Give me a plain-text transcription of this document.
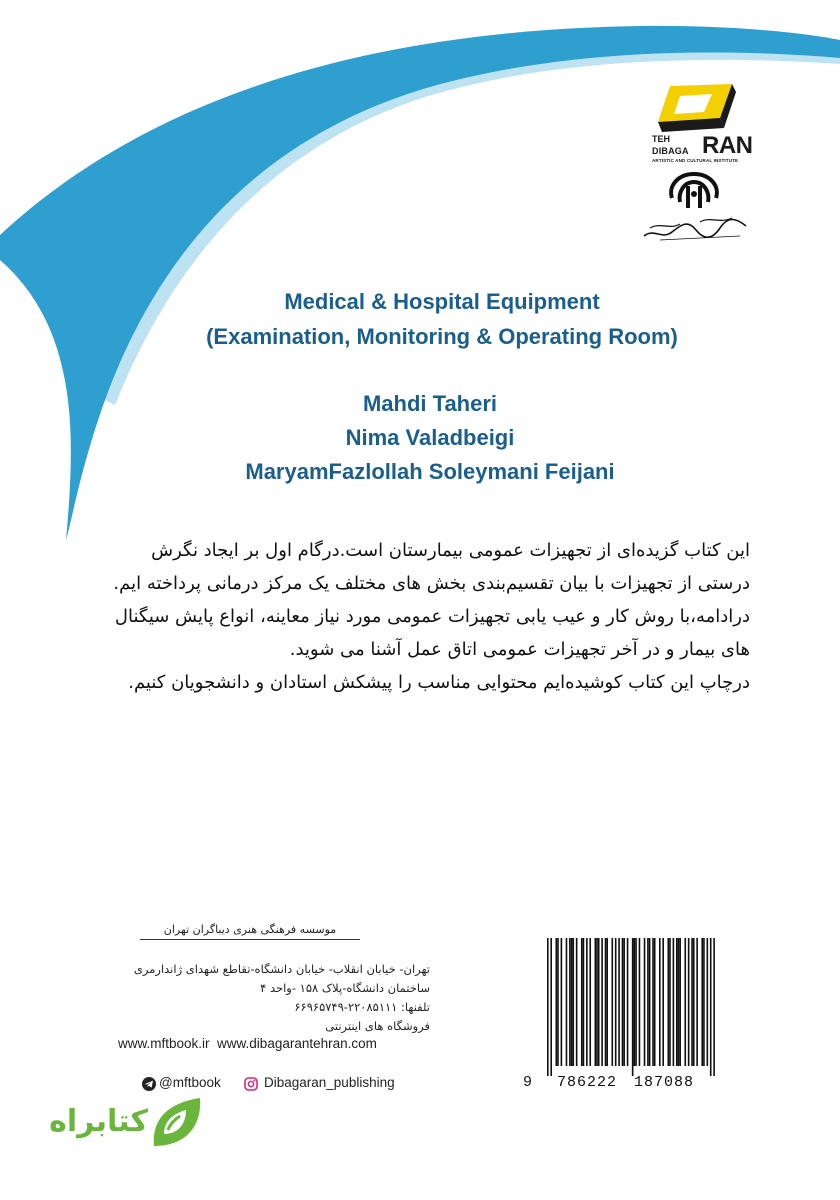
TEH
DIBAGA RAN
ARTISTIC AND CULTURAL INSTITUTE
Medical & Hospital Equipment
(Examination, Monitoring & Operating Room)
Mahdi Taheri
Nima Valadbeigi
MaryamFazlollah Soleymani Feijani

این کتاب گزیده‌ای از تجهیزات عمومی بیمارستان است.درگام اول بر ایجاد نگرش

درستی از تجهیزات با بیان تقسیم‌بندی بخش های مختلف یک مرکز درمانی پرداخته ایم.

درادامه،با روش کار و عیب یابی تجهیزات عمومی مورد نیاز معاینه، انواع پایش سیگنال

های بیمار و در آخر تجهیزات عمومی اتاق عمل آشنا می شوید.

درچاپ این کتاب کوشیده‌ایم محتوایی مناسب را پیشکش استادان و دانشجویان کنیم.

موسسه فرهنگی هنری دیباگران تهران
تهران- خیابان انقلاب- خیابان دانشگاه-تقاطع شهدای ژاندارمری
ساختمان دانشگاه-پلاک ۱۵۸ -واحد ۴
تلفنها: ۲۲۰۸۵۱۱۱-۶۶۹۶۵۷۴۹
فروشگاه های اینترنتی
www.mftbook.ir www.dibagarantehran.com
@mftbook	Dibagaran_publishing	9 786222 187088
کتابراه
